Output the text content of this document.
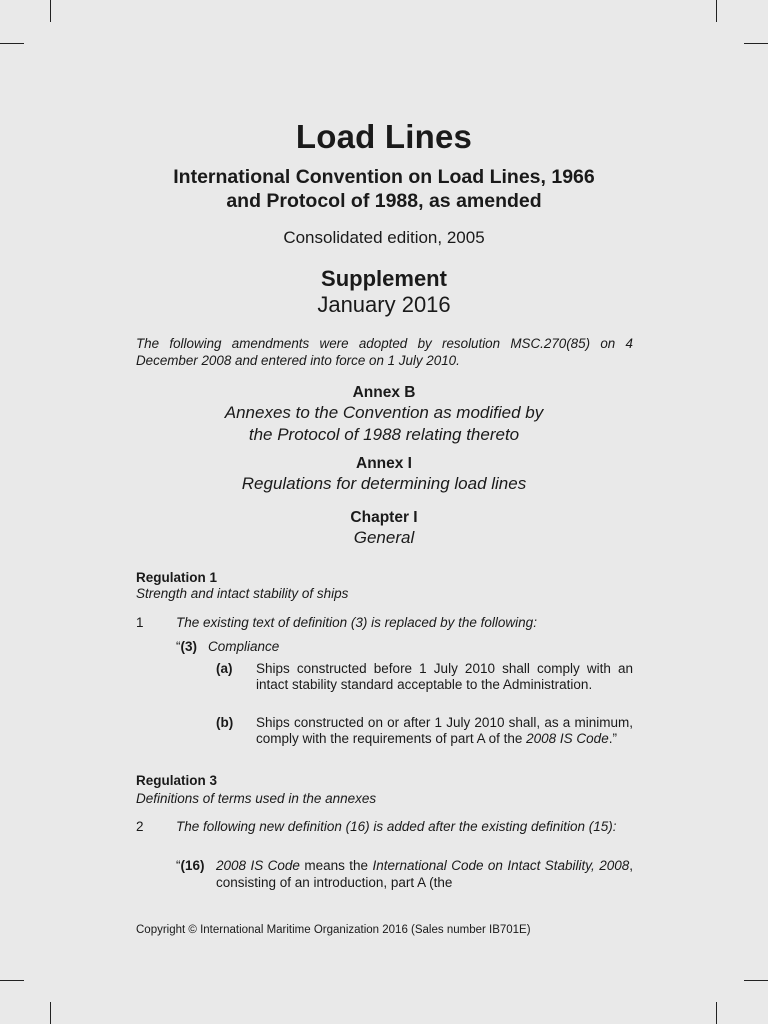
Load Lines
International Convention on Load Lines, 1966
and Protocol of 1988, as amended
Consolidated edition, 2005
Supplement
January 2016
The following amendments were adopted by resolution MSC.270(85) on 4 December 2008 and entered into force on 1 July 2010.
Annex B
Annexes to the Convention as modified by
the Protocol of 1988 relating thereto
Annex I
Regulations for determining load lines
Chapter I
General
Regulation 1
Strength and intact stability of ships
1 The existing text of definition (3) is replaced by the following:
“(3) Compliance
(a) Ships constructed before 1 July 2010 shall comply with an intact stability standard acceptable to the Administration.
(b) Ships constructed on or after 1 July 2010 shall, as a minimum, comply with the requirements of part A of the 2008 IS Code.”
Regulation 3
Definitions of terms used in the annexes
2 The following new definition (16) is added after the existing definition (15):
“(16) 2008 IS Code means the International Code on Intact Stability, 2008, consisting of an introduction, part A (the
Copyright © International Maritime Organization 2016 (Sales number IB701E)
